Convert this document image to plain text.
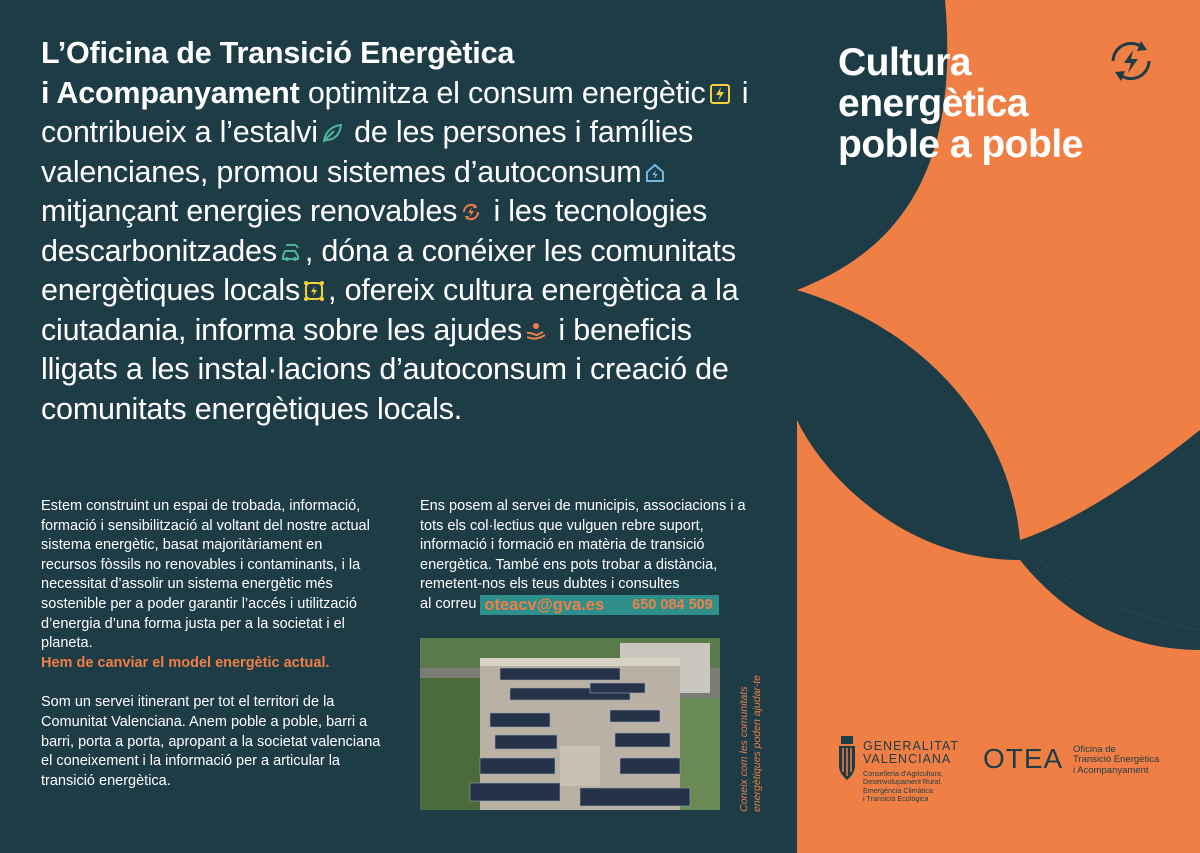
L’Oficina de Transició Energètica
i Acompanyament optimitza el consum energètic
i contribueix a l’estalvi
de les persones i famílies valencianes, promou sistemes d’autoconsum
mitjançant energies renovables
i les tecnologies descarbonitzades , dóna a conéixer les comunitats energètiques locals , ofereix cultura energètica a la ciutadania, informa sobre les ajudes
i beneficis lligats a les instal·lacions d’autoconsum i creació de comunitats energètiques locals.

Estem construint un espai de trobada, informació, formació i sensibilització al voltant del nostre actual sistema energètic, basat majoritàriament en recursos fòssils no renovables i contaminants, i la necessitat d’assolir un sistema energètic més sostenible per a poder garantir l’accés i utilització d’energia d’una forma justa per a la societat i el planeta.

Hem de canviar el model energètic actual.

Som un servei itinerant per tot el territori de la Comunitat Valenciana. Anem poble a poble, barri a barri, porta a porta, apropant a la societat valenciana el coneixement i la informació per a articular la transició energètica.

Ens posem al servei de municipis, associacions i a tots els col·lectius que vulguen rebre suport, informació i formació en matèria de transició energètica. També ens pots trobar a distància, remetent-nos els teus dubtes i consultes

al correu oteacv@gva.es 650 084 509
Coneix com les comunitats energètiques poden ajudar-te
Cultura
energètica
poble a poble
GENERALITAT
VALENCIANA
Conselleria d’Agricultura,
Desenvolupament Rural,
Emergència Climàtica
i Transició Ecològica
OTEA Oficina de
Transició Energètica
i Acompanyament
